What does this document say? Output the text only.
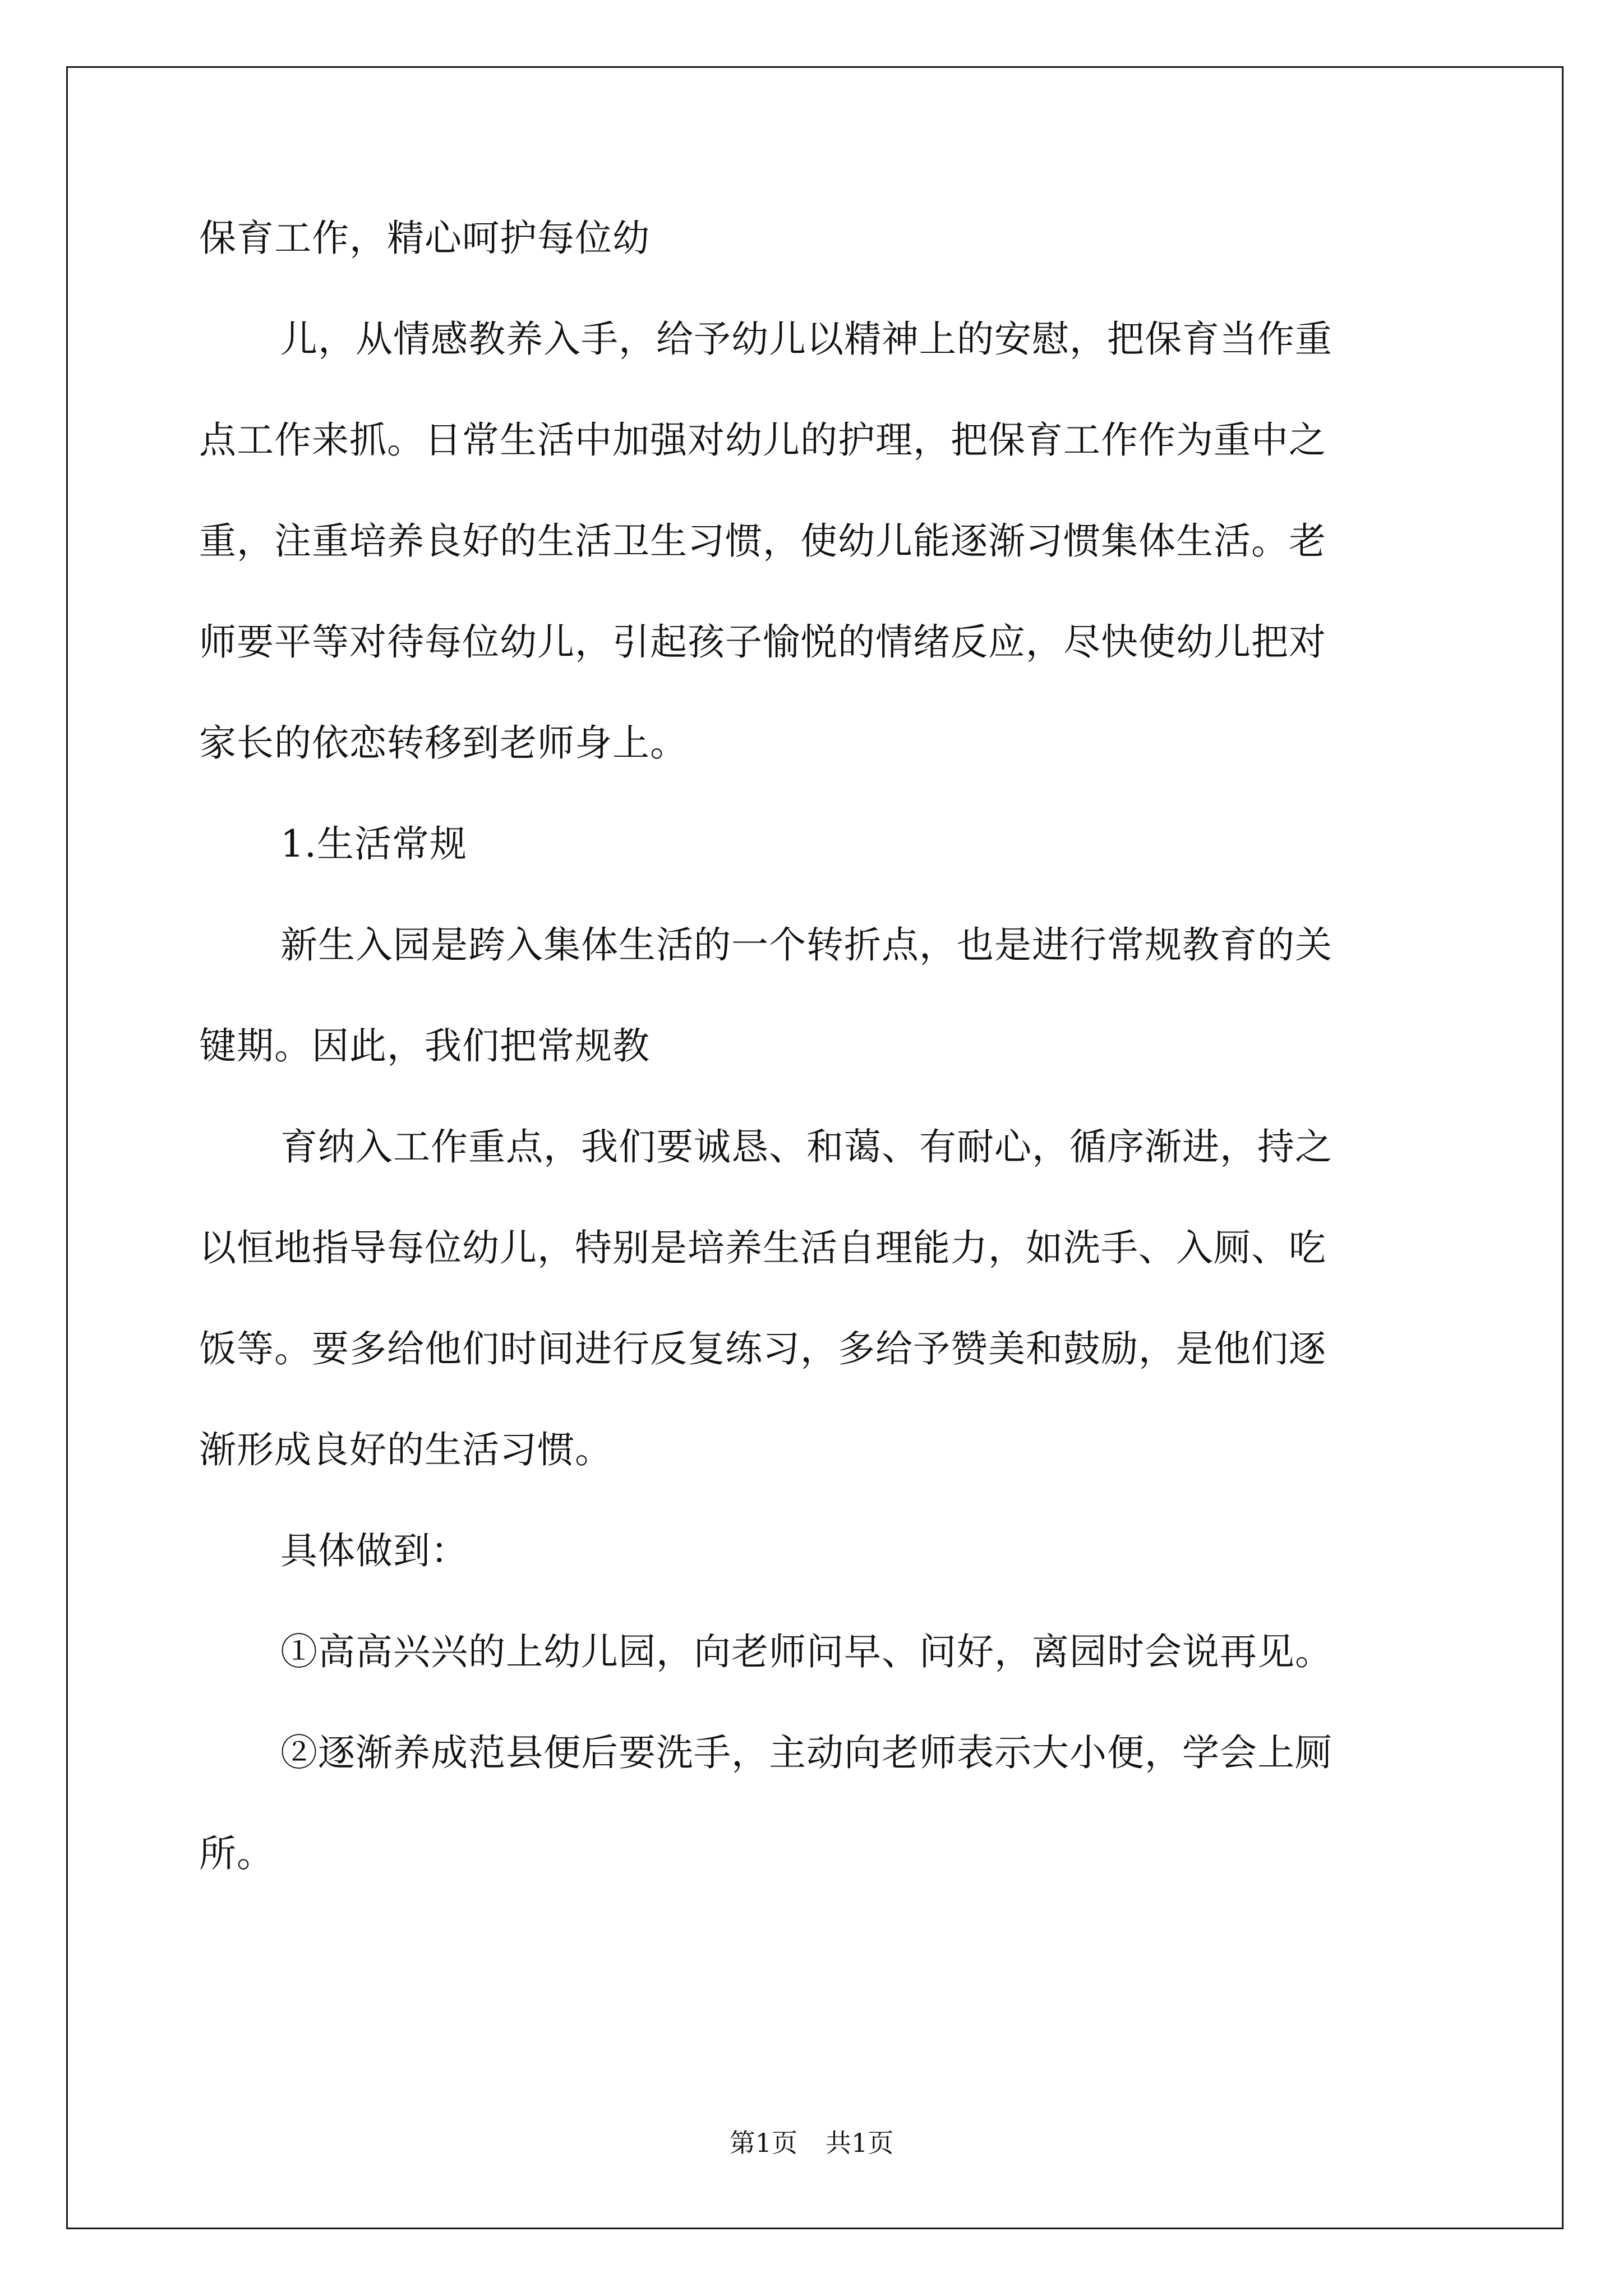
保育工作，精心呵护每位幼
儿，从情感教养入手，给予幼儿以精神上的安慰，把保育当作重
点工作来抓。日常生活中加强对幼儿的护理，把保育工作作为重中之
重，注重培养良好的生活卫生习惯，使幼儿能逐渐习惯集体生活。老
师要平等对待每位幼儿，引起孩子愉悦的情绪反应，尽快使幼儿把对
家长的依恋转移到老师身上。
1.生活常规
新生入园是跨入集体生活的一个转折点，也是进行常规教育的关
键期。因此，我们把常规教
育纳入工作重点，我们要诚恳、和蔼、有耐心，循序渐进，持之
以恒地指导每位幼儿，特别是培养生活自理能力，如洗手、入厕、吃
饭等。要多给他们时间进行反复练习，多给予赞美和鼓励，是他们逐
渐形成良好的生活习惯。
具体做到：
①高高兴兴的上幼儿园，向老师问早、问好，离园时会说再见。
②逐渐养成范县便后要洗手，主动向老师表示大小便，学会上厕
所。
第1页 共1页
